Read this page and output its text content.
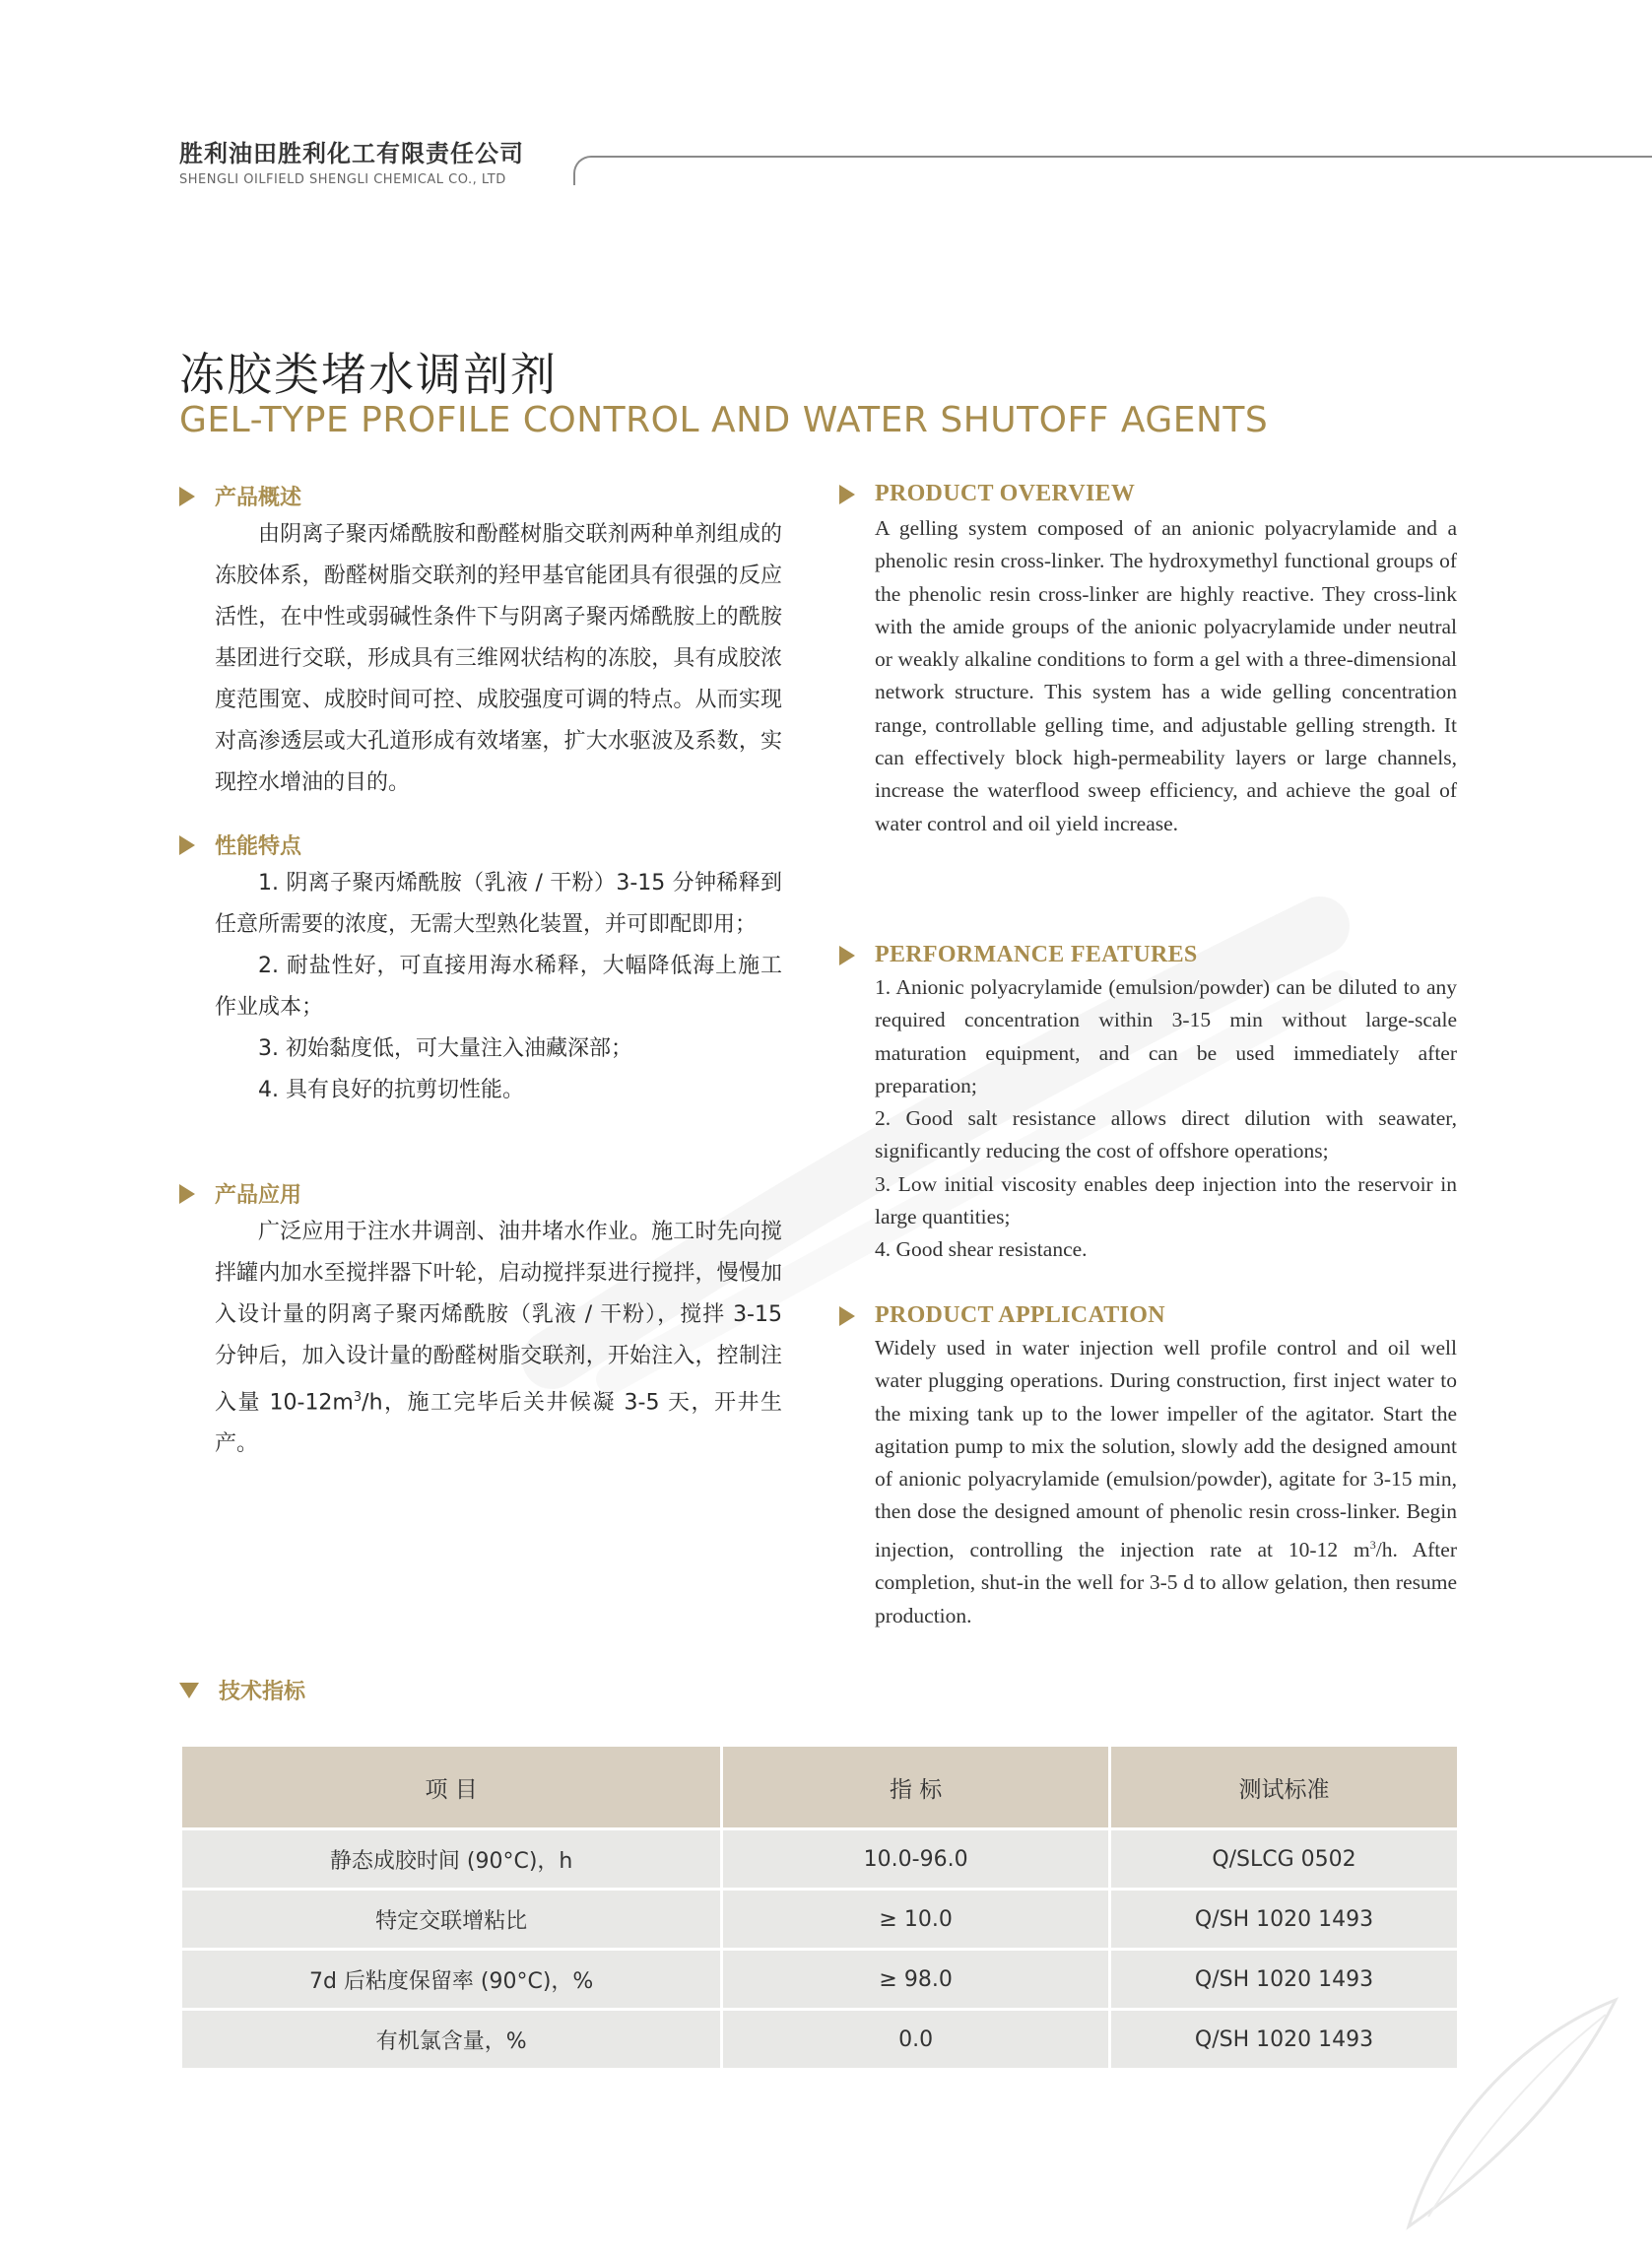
胜利油田胜利化工有限责任公司
SHENGLI OILFIELD SHENGLI CHEMICAL CO., LTD
冻胶类堵水调剖剂
GEL-TYPE PROFILE CONTROL AND WATER SHUTOFF AGENTS
产品概述

由阴离子聚丙烯酰胺和酚醛树脂交联剂两种单剂组成的冻胶体系，酚醛树脂交联剂的羟甲基官能团具有很强的反应活性，在中性或弱碱性条件下与阴离子聚丙烯酰胺上的酰胺基团进行交联，形成具有三维网状结构的冻胶，具有成胶浓度范围宽、成胶时间可控、成胶强度可调的特点。从而实现对高渗透层或大孔道形成有效堵塞，扩大水驱波及系数，实现控水增油的目的。

性能特点
1. 阴离子聚丙烯酰胺（乳液 / 干粉）3-15 分钟稀释到任意所需要的浓度，无需大型熟化装置，并可即配即用；
2. 耐盐性好，可直接用海水稀释，大幅降低海上施工作业成本；
3. 初始黏度低，可大量注入油藏深部；
4. 具有良好的抗剪切性能。
产品应用

广泛应用于注水井调剖、油井堵水作业。施工时先向搅拌罐内加水至搅拌器下叶轮，启动搅拌泵进行搅拌，慢慢加入设计量的阴离子聚丙烯酰胺（乳液 / 干粉），搅拌 3-15 分钟后，加入设计量的酚醛树脂交联剂，开始注入，控制注入量 $10-12m^3/h$，施工完毕后关井候凝 3-5 天，开井生产。

PRODUCT OVERVIEW
A gelling system composed of an anionic polyacrylamide and a phenolic resin cross-linker. The hydroxymethyl functional groups of the phenolic resin cross-linker are highly reactive. They cross-link with the amide groups of the anionic polyacrylamide under neutral or weakly alkaline conditions to form a gel with a three-dimensional network structure. This system has a wide gelling concentration range, controllable gelling time, and adjustable gelling strength. It can effectively block high-permeability layers or large channels, increase the waterflood sweep efficiency, and achieve the goal of water control and oil yield increase.
PERFORMANCE FEATURES
1. Anionic polyacrylamide (emulsion/powder) can be diluted to any required concentration within 3-15 min without large-scale maturation equipment, and can be used immediately after preparation;
2. Good salt resistance allows direct dilution with seawater, significantly reducing the cost of offshore operations;
3. Low initial viscosity enables deep injection into the reservoir in large quantities;
4. Good shear resistance.
PRODUCT APPLICATION
Widely used in water injection well profile control and oil well water plugging operations. During construction, first inject water to the mixing tank up to the lower impeller of the agitator. Start the agitation pump to mix the solution, slowly add the designed amount of anionic polyacrylamide (emulsion/powder), agitate for 3-15 min, then dose the designed amount of phenolic resin cross-linker. Begin injection, controlling the injection rate at 10-12 $m^3/h$. After completion, shut-in the well for 3-5 d to allow gelation, then resume production.
技术指标
项 目	指 标	测试标准
静态成胶时间 (90°C)，h	10.0-96.0	Q/SLCG 0502
特定交联增粘比	≥ 10.0	Q/SH 1020 1493
7d 后粘度保留率 (90°C)，%	≥ 98.0	Q/SH 1020 1493
有机氯含量，%	0.0	Q/SH 1020 1493
